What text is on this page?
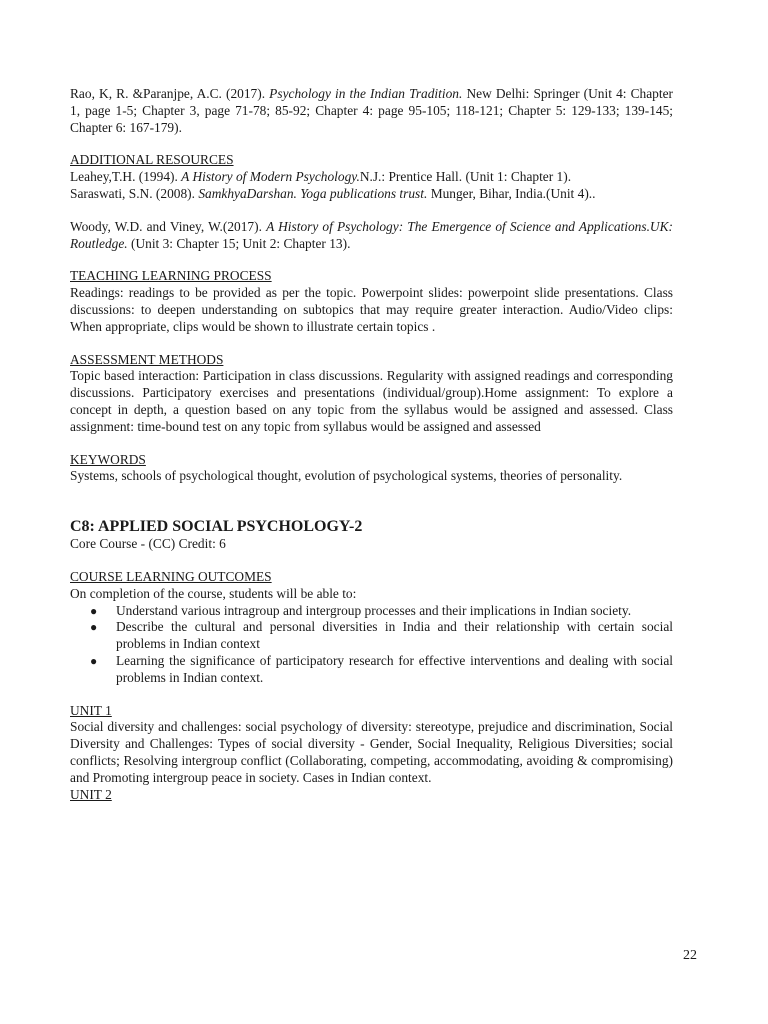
Rao, K, R. &Paranjpe, A.C. (2017). Psychology in the Indian Tradition. New Delhi: Springer (Unit 4: Chapter 1, page 1-5; Chapter 3, page 71-78; 85-92; Chapter 4: page 95-105; 118-121; Chapter 5: 129-133; 139-145; Chapter 6: 167-179).

ADDITIONAL RESOURCES

Leahey,T.H. (1994). A History of Modern Psychology.N.J.: Prentice Hall. (Unit 1: Chapter 1).

Saraswati, S.N. (2008). SamkhyaDarshan. Yoga publications trust. Munger, Bihar, India.(Unit 4)..

Woody, W.D. and Viney, W.(2017). A History of Psychology: The Emergence of Science and Applications.UK: Routledge. (Unit 3: Chapter 15; Unit 2: Chapter 13).

TEACHING LEARNING PROCESS

Readings: readings to be provided as per the topic. Powerpoint slides: powerpoint slide presentations. Class discussions: to deepen understanding on subtopics that may require greater interaction. Audio/Video clips: When appropriate, clips would be shown to illustrate certain topics .

ASSESSMENT METHODS

Topic based interaction: Participation in class discussions. Regularity with assigned readings and corresponding discussions. Participatory exercises and presentations (individual/group).Home assignment: To explore a concept in depth, a question based on any topic from the syllabus would be assigned and assessed. Class assignment: time-bound test on any topic from syllabus would be assigned and assessed

KEYWORDS

Systems, schools of psychological thought, evolution of psychological systems, theories of personality.

C8: APPLIED SOCIAL PSYCHOLOGY-2

Core Course - (CC) Credit: 6

COURSE LEARNING OUTCOMES

On completion of the course, students will be able to:

● Understand various intragroup and intergroup processes and their implications in Indian society.
● Describe the cultural and personal diversities in India and their relationship with certain social problems in Indian context
● Learning the significance of participatory research for effective interventions and dealing with social problems in Indian context.
UNIT 1

Social diversity and challenges: social psychology of diversity: stereotype, prejudice and discrimination, Social Diversity and Challenges: Types of social diversity - Gender, Social Inequality, Religious Diversities; social conflicts; Resolving intergroup conflict (Collaborating, competing, accommodating, avoiding & compromising) and Promoting intergroup peace in society. Cases in Indian context.

UNIT 2
22
